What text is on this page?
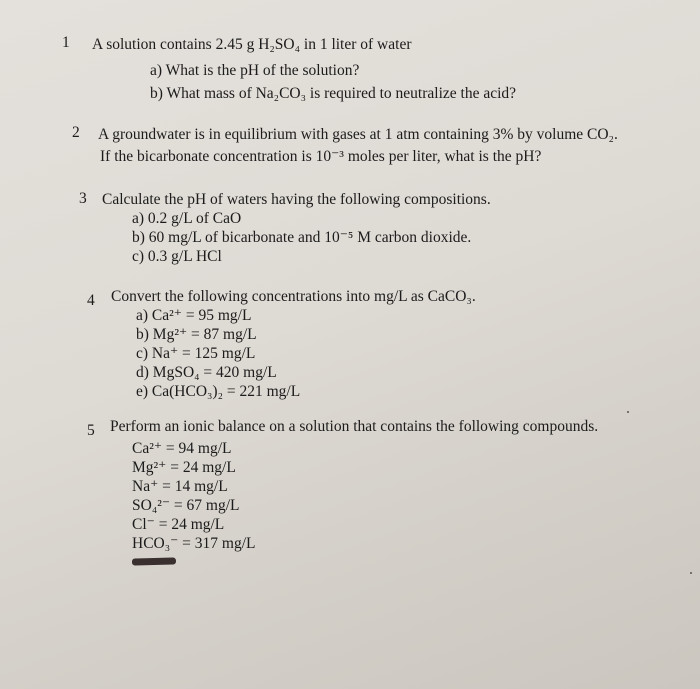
1 A solution contains 2.45 g H₂SO₄ in 1 liter of water
a) What is the pH of the solution?
b) What mass of Na₂CO₃ is required to neutralize the acid?
2 A groundwater is in equilibrium with gases at 1 atm containing 3% by volume CO₂.
If the bicarbonate concentration is 10⁻³ moles per liter, what is the pH?
3 Calculate the pH of waters having the following compositions.
a) 0.2 g/L of CaO
b) 60 mg/L of bicarbonate and 10⁻⁵ M carbon dioxide.
c) 0.3 g/L HCl
4 Convert the following concentrations into mg/L as CaCO₃.
a) Ca²⁺ = 95 mg/L
b) Mg²⁺ = 87 mg/L
c) Na⁺ = 125 mg/L
d) MgSO₄ = 420 mg/L
e) Ca(HCO₃)₂ = 221 mg/L
5 Perform an ionic balance on a solution that contains the following compounds.
Ca²⁺ = 94 mg/L
Mg²⁺ = 24 mg/L
Na⁺ = 14 mg/L
SO₄²⁻ = 67 mg/L
Cl⁻ = 24 mg/L
HCO₃⁻ = 317 mg/L
